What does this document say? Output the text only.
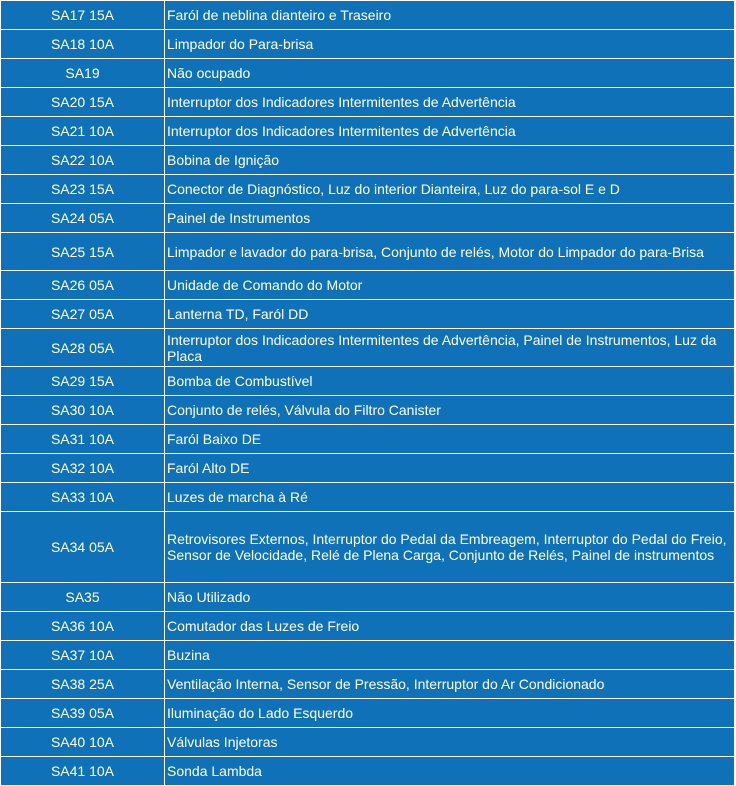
SA17 15A	Faról de neblina dianteiro e Traseiro
SA18 10A	Limpador do Para-brisa
SA19	Não ocupado
SA20 15A	Interruptor dos Indicadores Intermitentes de Advertência
SA21 10A	Interruptor dos Indicadores Intermitentes de Advertência
SA22 10A	Bobina de Ignição
SA23 15A	Conector de Diagnóstico, Luz do interior Dianteira, Luz do para-sol E e D
SA24 05A	Painel de Instrumentos
SA25 15A	Limpador e lavador do para-brisa, Conjunto de relés, Motor do Limpador do para-Brisa
SA26 05A	Unidade de Comando do Motor
SA27 05A	Lanterna TD, Faról DD
SA28 05A	Interruptor dos Indicadores Intermitentes de Advertência, Painel de Instrumentos, Luz da Placa
SA29 15A	Bomba de Combustível
SA30 10A	Conjunto de relés, Válvula do Filtro Canister
SA31 10A	Faról Baixo DE
SA32 10A	Faról Alto DE
SA33 10A	Luzes de marcha à Ré
SA34 05A	Retrovisores Externos, Interruptor do Pedal da Embreagem, Interruptor do Pedal do Freio, Sensor de Velocidade, Relé de Plena Carga, Conjunto de Relés, Painel de instrumentos
SA35	Não Utilizado
SA36 10A	Comutador das Luzes de Freio
SA37 10A	Buzina
SA38 25A	Ventilação Interna, Sensor de Pressão, Interruptor do Ar Condicionado
SA39 05A	Iluminação do Lado Esquerdo
SA40 10A	Válvulas Injetoras
SA41 10A	Sonda Lambda
